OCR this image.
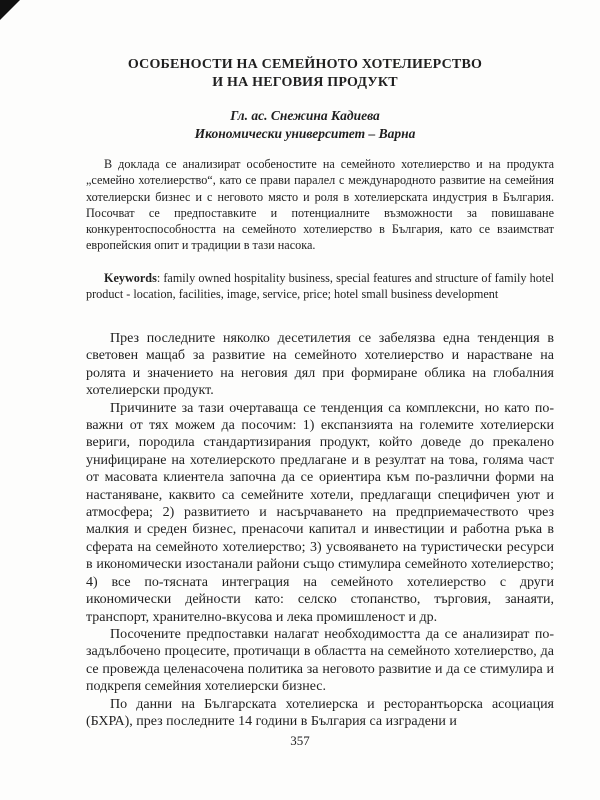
ОСОБЕНОСТИ НА СЕМЕЙНОТО ХОТЕЛИЕРСТВО
И НА НЕГОВИЯ ПРОДУКТ
Гл. ас. Снежина Кадиева
Икономически университет – Варна
В доклада се анализират особеностите на семейното хотелиерство и на продукта „семейно хотелиерство“, като се прави паралел с международното развитие на семейния хотелиерски бизнес и с неговото място и роля в хотелиерската индустрия в България. Посочват се предпоставките и потенциалните възможности за повишаване конкурентоспособността на семейното хотелиерство в България, като се взаимстват европейския опит и традиции в тази насока.
Keywords: family owned hospitality business, special features and structure of family hotel product - location, facilities, image, service, price; hotel small business development

През последните няколко десетилетия се забелязва една тенденция в световен мащаб за развитие на семейното хотелиерство и нарастване на ролята и значението на неговия дял при формиране облика на глобалния хотелиерски продукт.

Причините за тази очертаваща се тенденция са комплексни, но като по-важни от тях можем да посочим: 1) експанзията на големите хотелиерски вериги, породила стандартизирания продукт, който доведе до прекалено унифициране на хотелиерското предлагане и в резултат на това, голяма част от масовата клиентела започна да се ориентира към по-различни форми на настаняване, каквито са семейните хотели, предлагащи специфичен уют и атмосфера; 2) развитието и насърчаването на предприемачеството чрез малкия и среден бизнес, пренасочи капитал и инвестиции и работна ръка в сферата на семейното хотелиерство; 3) усвояването на туристически ресурси в икономически изостанали райони също стимулира семейното хотелиерство; 4) все по-тясната интеграция на семейното хотелиерство с други икономически дейности като: селско стопанство, търговия, занаяти, транспорт, хранително-вкусова и лека промишленост и др.

Посочените предпоставки налагат необходимостта да се анализират по-задълбочено процесите, протичащи в областта на семейното хотелиерство, да се провежда целенасочена политика за неговото развитие и да се стимулира и подкрепя семейния хотелиерски бизнес.

По данни на Българската хотелиерска и ресторантьорска асоциация (БХРА), през последните 14 години в България са изградени и

357
